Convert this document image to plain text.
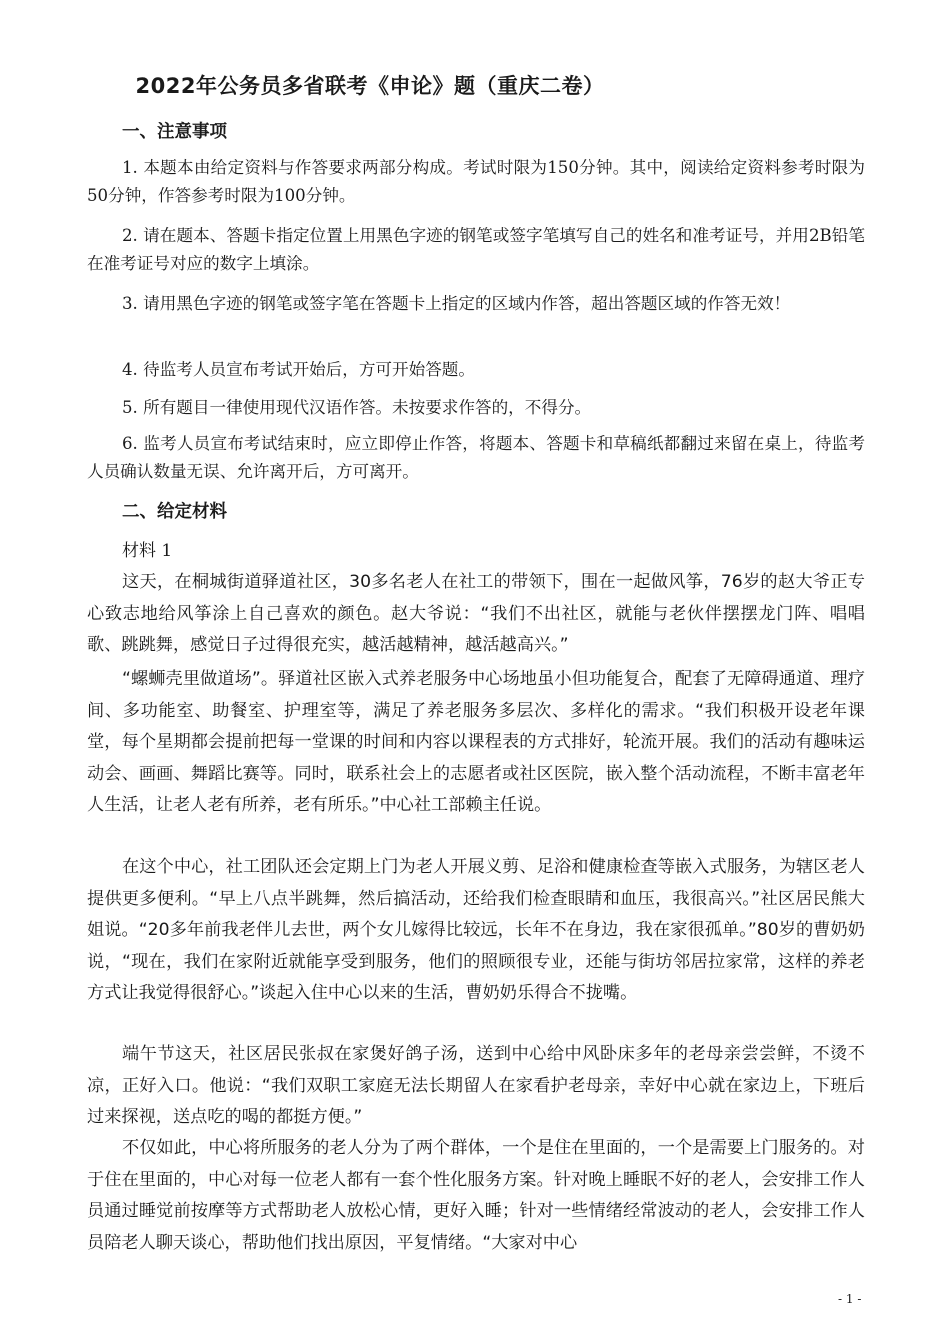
2022年公务员多省联考《申论》题（重庆二卷）
一、注意事项

1. 本题本由给定资料与作答要求两部分构成。考试时限为150分钟。其中，阅读给定资料参考时限为50分钟，作答参考时限为100分钟。

2. 请在题本、答题卡指定位置上用黑色字迹的钢笔或签字笔填写自己的姓名和准考证号，并用2B铅笔在准考证号对应的数字上填涂。

3. 请用黑色字迹的钢笔或签字笔在答题卡上指定的区域内作答，超出答题区域的作答无效！

4. 待监考人员宣布考试开始后，方可开始答题。

5. 所有题目一律使用现代汉语作答。未按要求作答的，不得分。

6. 监考人员宣布考试结束时，应立即停止作答，将题本、答题卡和草稿纸都翻过来留在桌上，待监考人员确认数量无误、允许离开后，方可离开。

二、给定材料
材料 1

这天，在桐城街道驿道社区，30多名老人在社工的带领下，围在一起做风筝，76岁的赵大爷正专心致志地给风筝涂上自己喜欢的颜色。赵大爷说：“我们不出社区，就能与老伙伴摆摆龙门阵、唱唱歌、跳跳舞，感觉日子过得很充实，越活越精神，越活越高兴。”

“螺蛳壳里做道场”。驿道社区嵌入式养老服务中心场地虽小但功能复合，配套了无障碍通道、理疗间、多功能室、助餐室、护理室等，满足了养老服务多层次、多样化的需求。“我们积极开设老年课堂，每个星期都会提前把每一堂课的时间和内容以课程表的方式排好，轮流开展。我们的活动有趣味运动会、画画、舞蹈比赛等。同时，联系社会上的志愿者或社区医院，嵌入整个活动流程，不断丰富老年人生活，让老人老有所养，老有所乐。”中心社工部赖主任说。

在这个中心，社工团队还会定期上门为老人开展义剪、足浴和健康检查等嵌入式服务，为辖区老人提供更多便利。“早上八点半跳舞，然后搞活动，还给我们检查眼睛和血压，我很高兴。”社区居民熊大姐说。“20多年前我老伴儿去世，两个女儿嫁得比较远，长年不在身边，我在家很孤单。”80岁的曹奶奶说，“现在，我们在家附近就能享受到服务，他们的照顾很专业，还能与街坊邻居拉家常，这样的养老方式让我觉得很舒心。”谈起入住中心以来的生活，曹奶奶乐得合不拢嘴。

端午节这天，社区居民张叔在家煲好鸽子汤，送到中心给中风卧床多年的老母亲尝尝鲜，不烫不凉，正好入口。他说：“我们双职工家庭无法长期留人在家看护老母亲，幸好中心就在家边上，下班后过来探视，送点吃的喝的都挺方便。”

不仅如此，中心将所服务的老人分为了两个群体，一个是住在里面的，一个是需要上门服务的。对于住在里面的，中心对每一位老人都有一套个性化服务方案。针对晚上睡眠不好的老人，会安排工作人员通过睡觉前按摩等方式帮助老人放松心情，更好入睡；针对一些情绪经常波动的老人，会安排工作人员陪老人聊天谈心，帮助他们找出原因，平复情绪。“大家对中心

- 1 -
